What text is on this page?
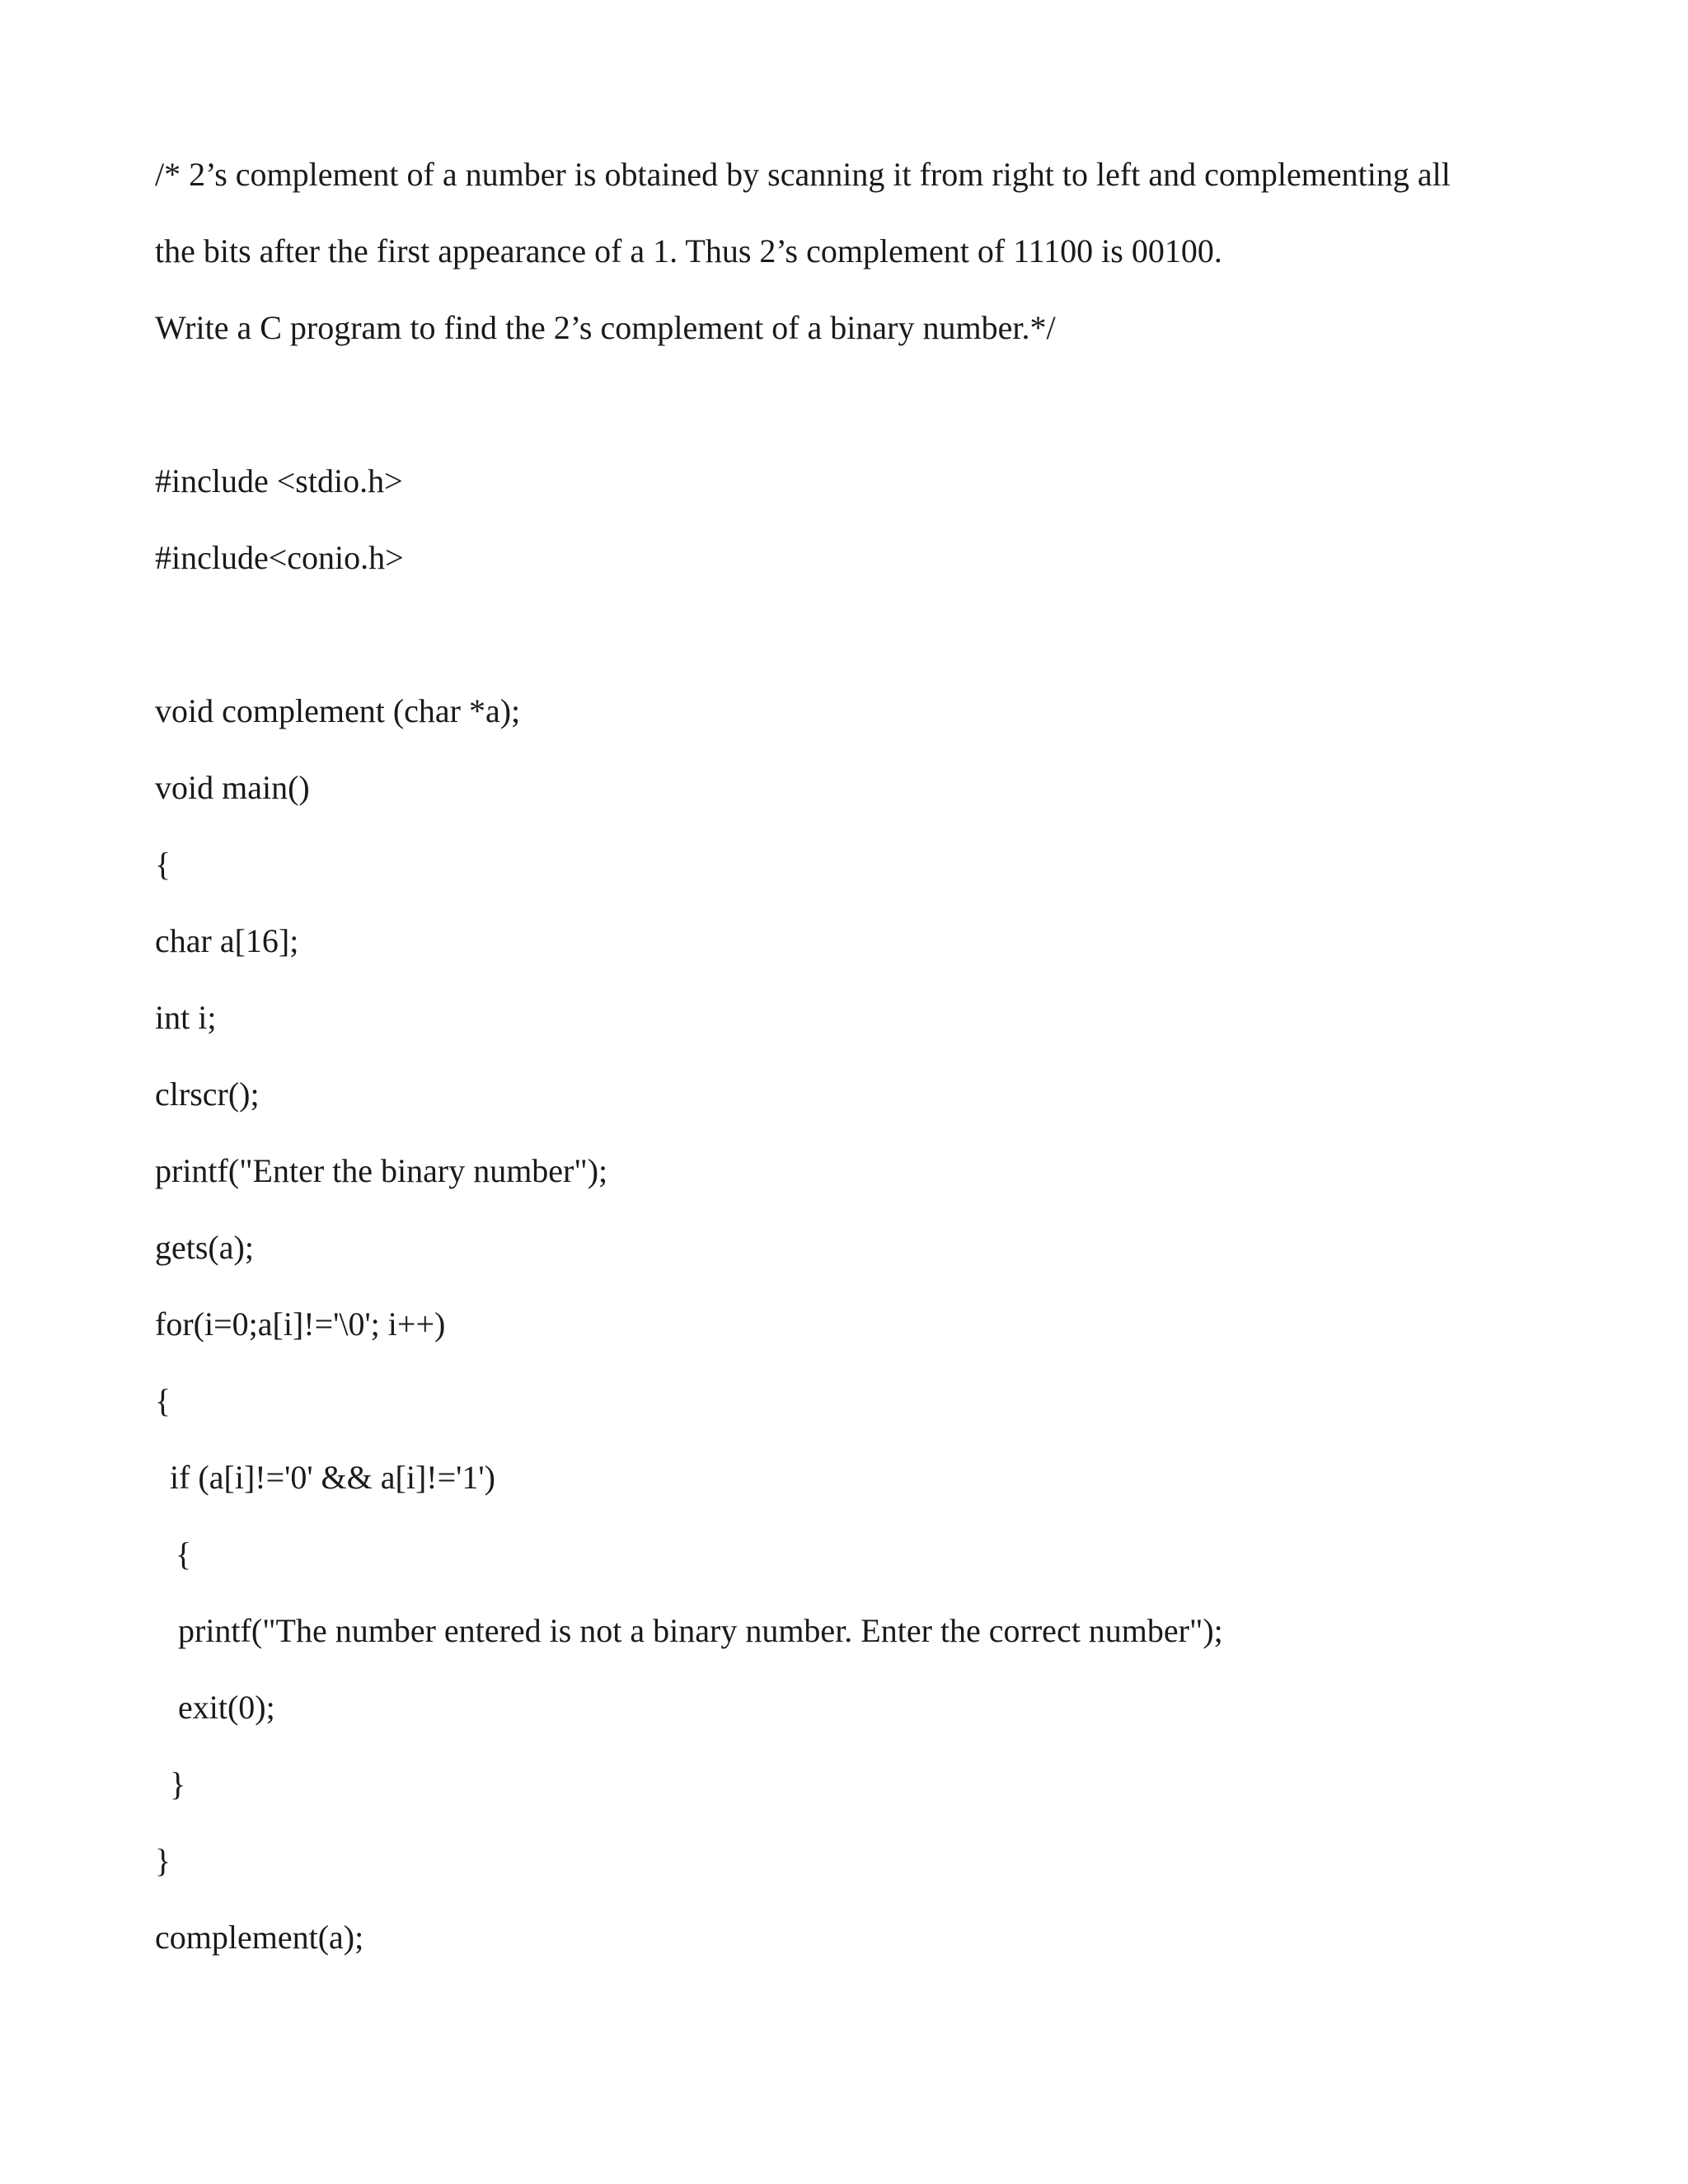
/* 2’s complement of a number is obtained by scanning it from right to left and complementing all

the bits after the first appearance of a 1. Thus 2’s complement of 11100 is 00100.

Write a C program to find the 2’s complement of a binary number.*/

#include <stdio.h>

#include<conio.h>

void complement (char *a);

void main()

{

char a[16];

int i;

clrscr();

printf("Enter the binary number");

gets(a);

for(i=0;a[i]!='\0'; i++)

{

if (a[i]!='0' && a[i]!='1')

{

printf("The number entered is not a binary number. Enter the correct number");

exit(0);

}

}

complement(a);
